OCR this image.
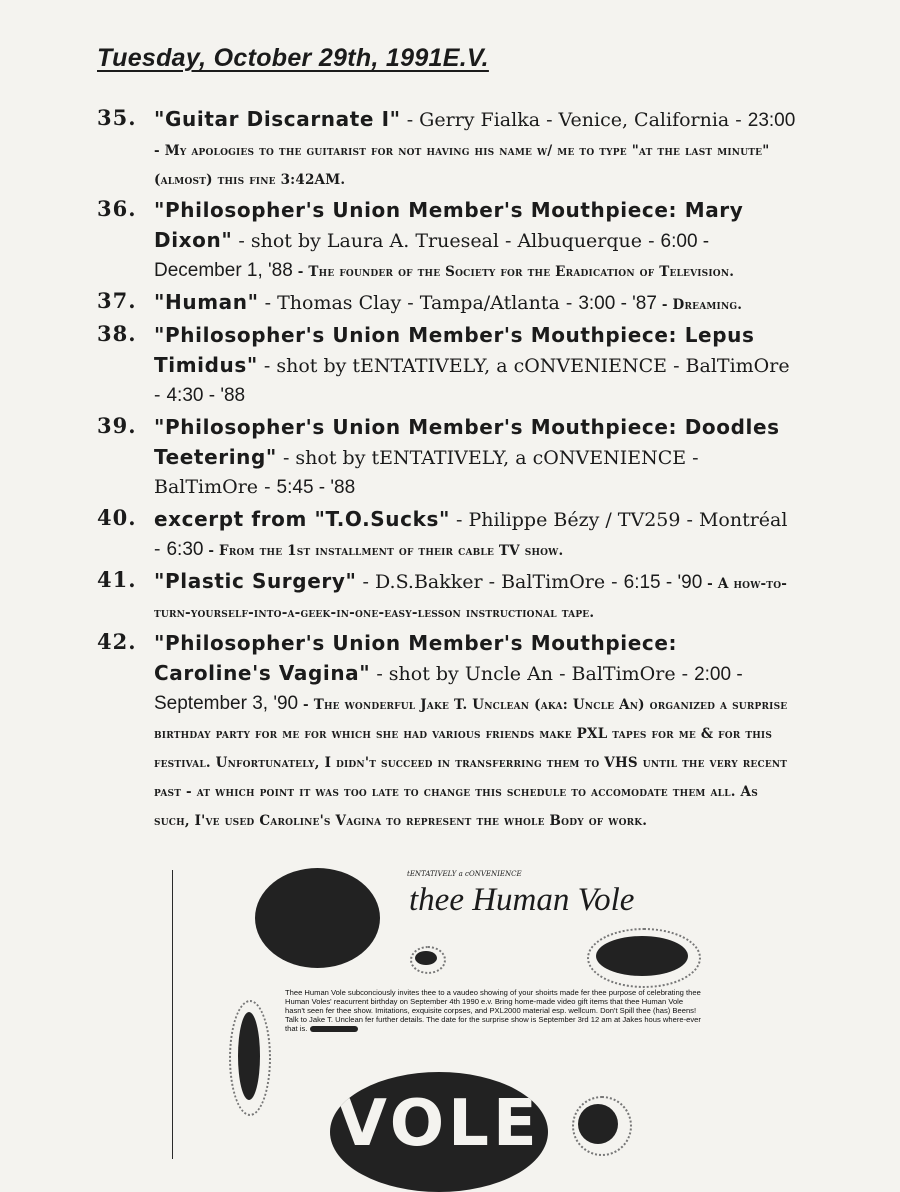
Tuesday, October 29th, 1991E.V.
35. "Guitar Discarnate I" - Gerry Fialka - Venice, California - 23:00 - My apologies to the guitarist for not having his name w/ me to type "at the last minute" (almost) this fine 3:42AM.
36. "Philosopher's Union Member's Mouthpiece: Mary Dixon" - shot by Laura A. Trueseal - Albuquerque - 6:00 - December 1, '88 - The founder of the Society for the Eradication of Television.
37. "Human" - Thomas Clay - Tampa/Atlanta - 3:00 - '87 - Dreaming.
38. "Philosopher's Union Member's Mouthpiece: Lepus Timidus" - shot by tENTATIVELY, a cONVENIENCE - BalTimOre - 4:30 - '88
39. "Philosopher's Union Member's Mouthpiece: Doodles Teetering" - shot by tENTATIVELY, a cONVENIENCE - BalTimOre - 5:45 - '88
40. excerpt from "T.O.Sucks" - Philippe Bézy / TV259 - Montréal - 6:30 - From the 1st installment of their cable TV show.
41. "Plastic Surgery" - D.S.Bakker - BalTimOre - 6:15 - '90 - A how-to-turn-yourself-into-a-geek-in-one-easy-lesson instructional tape.
42. "Philosopher's Union Member's Mouthpiece: Caroline's Vagina" - shot by Uncle An - BalTimOre - 2:00 - September 3, '90 - The wonderful Jake T. Unclean (aka: Uncle An) organized a surprise birthday party for me for which she had various friends make PXL tapes for me & for this festival. Unfortunately, I didn't succeed in transferring them to VHS until the very recent past - at which point it was too late to change this schedule to accomodate them all. As such, I've used Caroline's Vagina to represent the whole Body of work.
tENTATIVELY a cONVENIENCE
thee Human Vole
Thee Human Vole subconciously invites thee to a vaudeo showing of your shoirts made fer thee purpose of celebrating thee Human Voles' reacurrent birthday on September 4th 1990 e.v. Bring home-made video gift items that thee Human Vole hasn't seen fer thee show. Imitations, exquisite corpses, and PXL2000 material esp. wellcum. Don't Spill thee (has) Beens! Talk to Jake T. Unclean fer further details. The date for the surprise show is September 3rd 12 am at Jakes hous where-ever that is.
VOLE
